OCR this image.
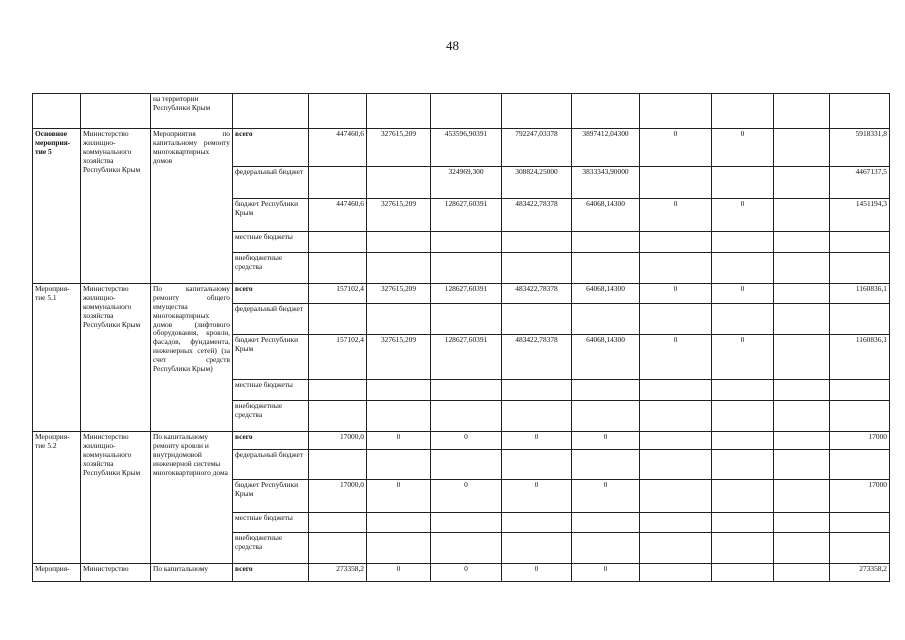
48
		на территории Республики Крым										
Основное мероприя-тие 5	Министерство жилищно-коммунального хозяйства Республики Крым	Мероприятия по капитальному ремонту многоквартирных домов	всего	447460,6	327615,209	453596,90391	792247,03378	3897412,04300	0	0		5918331,8
			федеральный бюджет			324969,300	308824,25000	3833343,90000				4467137,5
			бюджет Республики Крым	447460,6	327615,209	128627,60391	483422,78378	64068,14300	0	0		1451194,3
			местные бюджеты									
			внебюджетные средства									
Мероприя-тие 5.1	Министерство жилищно-коммунального хозяйства Республики Крым	По капитальному ремонту общего имущества многоквартирных домов (лифтового оборудования, кровли, фасадов, фундамента, инженерных сетей) (за счет средств Республики Крым)	всего	157102,4	327615,209	128627,60391	483422,78378	64068,14300	0	0		1160836,1
			федеральный бюджет									
			бюджет Республики Крым	157102,4	327615,209	128627,60391	483422,78378	64068,14300	0	0		1160836,1
			местные бюджеты									
			внебюджетные средства									
Мероприя-тие 5.2	Министерство жилищно-коммунального хозяйства Республики Крым	По капитальному ремонту кровли и внутридомовой инженерной системы многоквартирного дома	всего	17000,0	0	0	0	0				17000
			федеральный бюджет									
			бюджет Республики Крым	17000,0	0	0	0	0				17000
			местные бюджеты									
			внебюджетные средства									
Мероприя-	Министерство	По капитальному	всего	273358,2	0	0	0	0				273358,2
